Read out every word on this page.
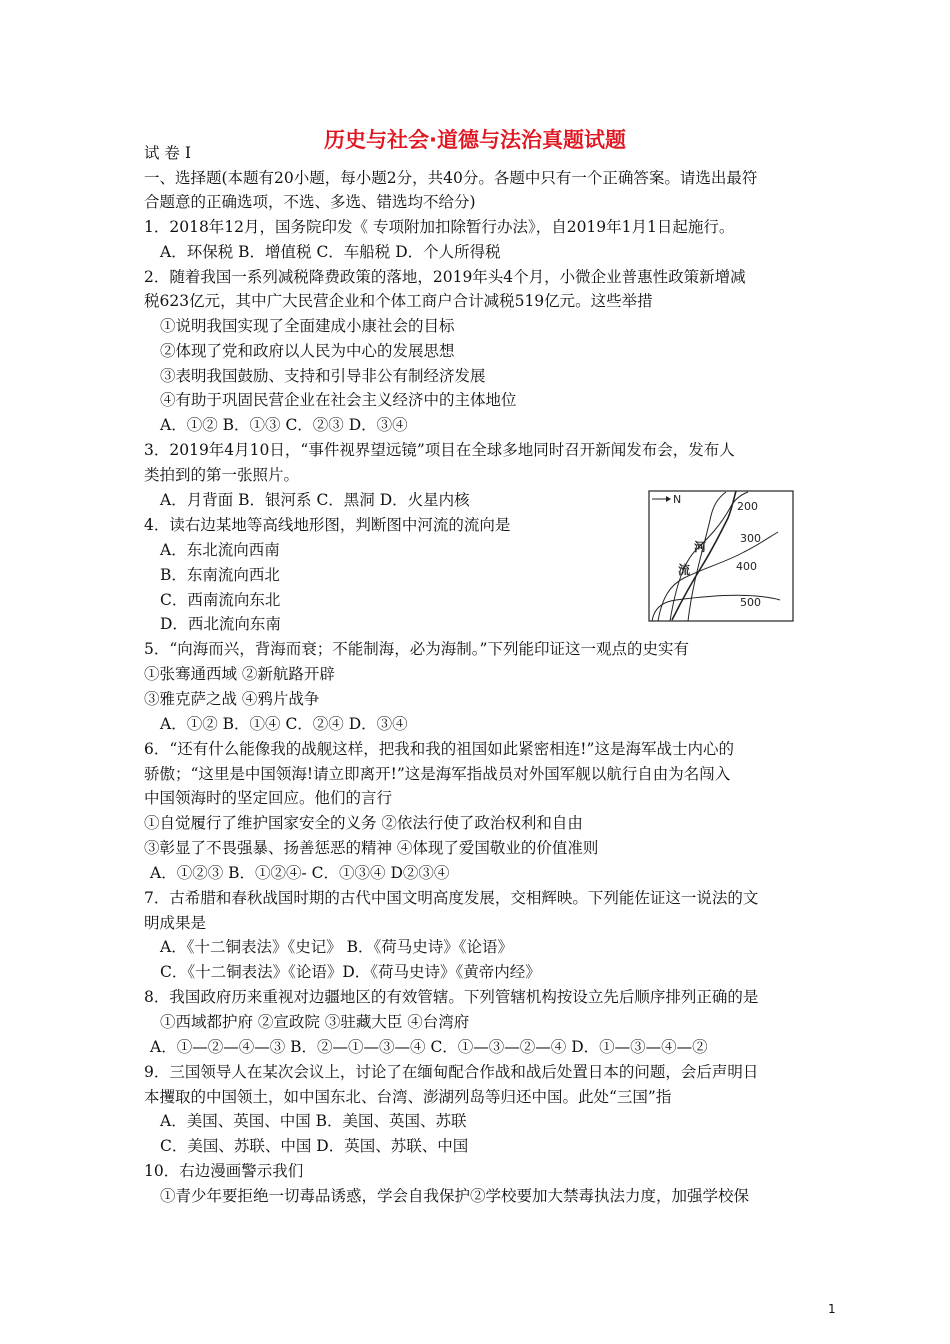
历史与社会·道德与法治真题试题
试 卷 Ⅰ
一、选择题(本题有20小题，每小题2分，共40分。各题中只有一个正确答案。请选出最符
合题意的正确选项，不选、多选、错选均不给分)
1．2018年12月，国务院印发《 专项附加扣除暂行办法》，自2019年1月1日起施行。
A．环保税 B．增值税 C．车船税 D．个人所得税
2．随着我国一系列减税降费政策的落地，2019年头4个月，小微企业普惠性政策新增减
税623亿元，其中广大民营企业和个体工商户合计减税519亿元。这些举措
①说明我国实现了全面建成小康社会的目标
②体现了党和政府以人民为中心的发展思想
③表明我国鼓励、支持和引导非公有制经济发展
④有助于巩固民营企业在社会主义经济中的主体地位
A．①② B．①③ C．②③ D．③④
3．2019年4月10日，“事件视界望远镜”项目在全球多地同时召开新闻发布会，发布人
类拍到的第一张照片。
A．月背面 B．银河系 C．黑洞 D．火星内核
4．读右边某地等高线地形图，判断图中河流的流向是
A．东北流向西南
B．东南流向西北
C．西南流向东北
D．西北流向东南
5．“向海而兴，背海而衰；不能制海，必为海制。”下列能印证这一观点的史实有
①张骞通西域 ②新航路开辟
③雅克萨之战 ④鸦片战争
A．①② B．①④ C．②④ D．③④
6．“还有什么能像我的战舰这样，把我和我的祖国如此紧密相连!”这是海军战士内心的
骄傲；“这里是中国领海!请立即离开!”这是海军指战员对外国军舰以航行自由为名闯入
中国领海时的坚定回应。他们的言行
①自觉履行了维护国家安全的义务 ②依法行使了政治权利和自由
③彰显了不畏强暴、扬善惩恶的精神 ④体现了爱国敬业的价值准则
A．①②③ B．①②④- C．①③④ D②③④
7．古希腊和春秋战国时期的古代中国文明高度发展，交相辉映。下列能佐证这一说法的文
明成果是
A．《十二铜表法》《史记》 B．《荷马史诗》《论语》
C．《十二铜表法》《论语》D．《荷马史诗》《黄帝内经》
8．我国政府历来重视对边疆地区的有效管辖。下列管辖机构按设立先后顺序排列正确的是
①西域都护府 ②宣政院 ③驻藏大臣 ④台湾府
A．①—②—④—③ B．②—①—③—④ C．①—③—②—④ D．①—③—④—②
9．三国领导人在某次会议上，讨论了在缅甸配合作战和战后处置日本的问题，会后声明日
本攫取的中国领土，如中国东北、台湾、澎湖列岛等归还中国。此处“三国”指
A．美国、英国、中国 B．美国、英国、苏联
C．美国、苏联、中国 D．英国、苏联、中国
10．右边漫画警示我们
①青少年要拒绝一切毒品诱惑，学会自我保护②学校要加大禁毒执法力度，加强学校保
N
200
300
400
500
河
流
1
